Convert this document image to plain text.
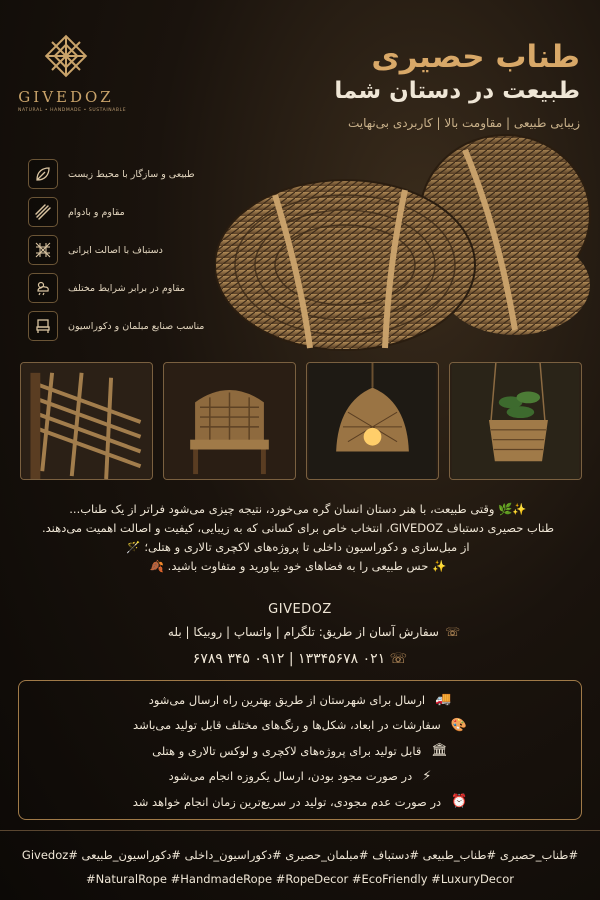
GIVEDOZ
NATURAL • HANDMADE • SUSTAINABLE
طناب حصیری
طبیعت در دستان شما

زیبایی طبیعی | مقاومت بالا | کاربردی بی‌نهایت

طبیعی و سازگار با محیط زیست
مقاوم و بادوام
دستباف با اصالت ایرانی
مقاوم در برابر شرایط مختلف
مناسب صنایع مبلمان و دکوراسیون
✨🌿 وقتی طبیعت، با هنر دستان انسان گره می‌خورد، نتیجه چیزی می‌شود فراتر از یک طناب...
طناب حصیری دستباف GIVEDOZ، انتخاب خاص برای کسانی که به زیبایی، کیفیت و اصالت اهمیت می‌دهند.
از مبل‌سازی و دکوراسیون داخلی تا پروژه‌های لاکچری تالاری و هتلی؛ 🪄
✨ حس طبیعی را به فضاهای خود بیاورید و متفاوت باشید. 🍂
GIVEDOZ
☏سفارش آسان از طریق: تلگرام | واتساپ | روبیکا | بله
☏ ۰۲۱ ۱۳۳۴۵۶۷۸ | ۰۹۱۲ ۳۴۵ ۶۷۸۹
🚚
ارسال برای شهرستان از طریق بهترین راه ارسال می‌شود
🎨
سفارشات در ابعاد، شکل‌ها و رنگ‌های مختلف قابل تولید می‌باشد
🏛
قابل تولید برای پروژه‌های لاکچری و لوکس تالاری و هتلی
⚡
در صورت مجود بودن، ارسال یکروزه انجام می‌شود
⏰
در صورت عدم مجودی، تولید در سریع‌ترین زمان انجام خواهد شد
#طناب_حصیری #طناب_طبیعی #دستباف #مبلمان_حصیری #دکوراسیون_داخلی #دکوراسیون_طبیعی #Givedoz
#NaturalRope #HandmadeRope #RopeDecor #EcoFriendly #LuxuryDecor
